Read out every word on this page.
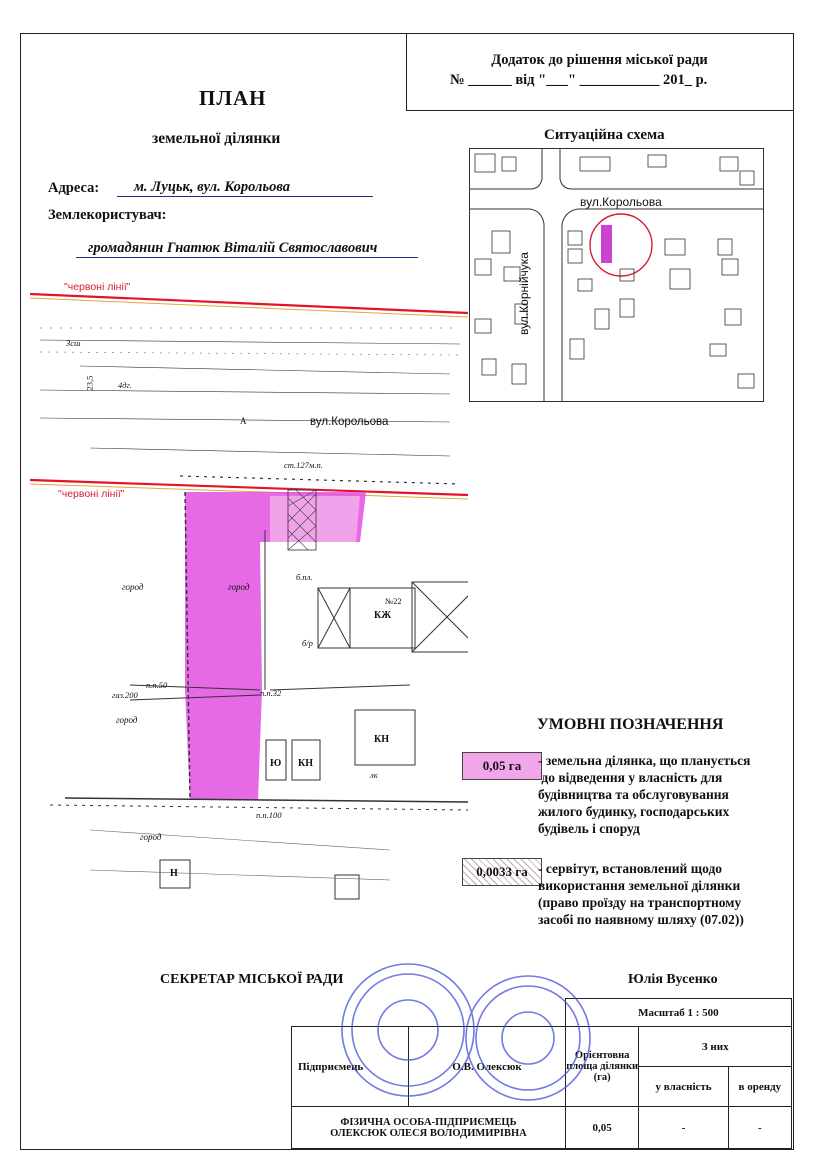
Додаток до рішення міської ради
№ ______ від "___" ___________ 201_ р.
ПЛАН
земельної ділянки
Адреса:	м. Луцьк, вул. Корольова
Землекористувач:
громадянин Гнатюк Віталій Святославович
Ситуаційна схема
вул.Корольова
вул.Корнійчука
"червоні лінії"
"червоні лінії"
вул.Корольова
город	город
город
город
КЖ
№22
КН
Ю КН
Н
ст.127м.п.
газ.200	п.п.32
п.п.50
п.п.100
б.пл.
б/р
23,5	4дг.
Зсш
А
лк
УМОВНІ ПОЗНАЧЕННЯ
0,05 га	- земельна ділянка, що планується
до відведення у власність для
будівництва та обслуговування
жилого будинку, господарських
будівель і споруд
0,0033 га - сервітут, встановлений щодо
використання земельної ділянки
(право проїзду на транспортному
засобі по наявному шляху (07.02))
СЕКРЕТАР МІСЬКОЇ РАДИ	Юлія Вусенко
		Масштаб 1 : 500		
Підприємець	О.В. Олексюк	Орієнтовна площа ділянки (га)	З них	
			у власність	в оренду

ФІЗИЧНА ОСОБА-ПІДПРИЄМЕЦЬ
ОЛЕКСЮК ОЛЕСЯ ВОЛОДИМИРІВНА		0,05	-	-
